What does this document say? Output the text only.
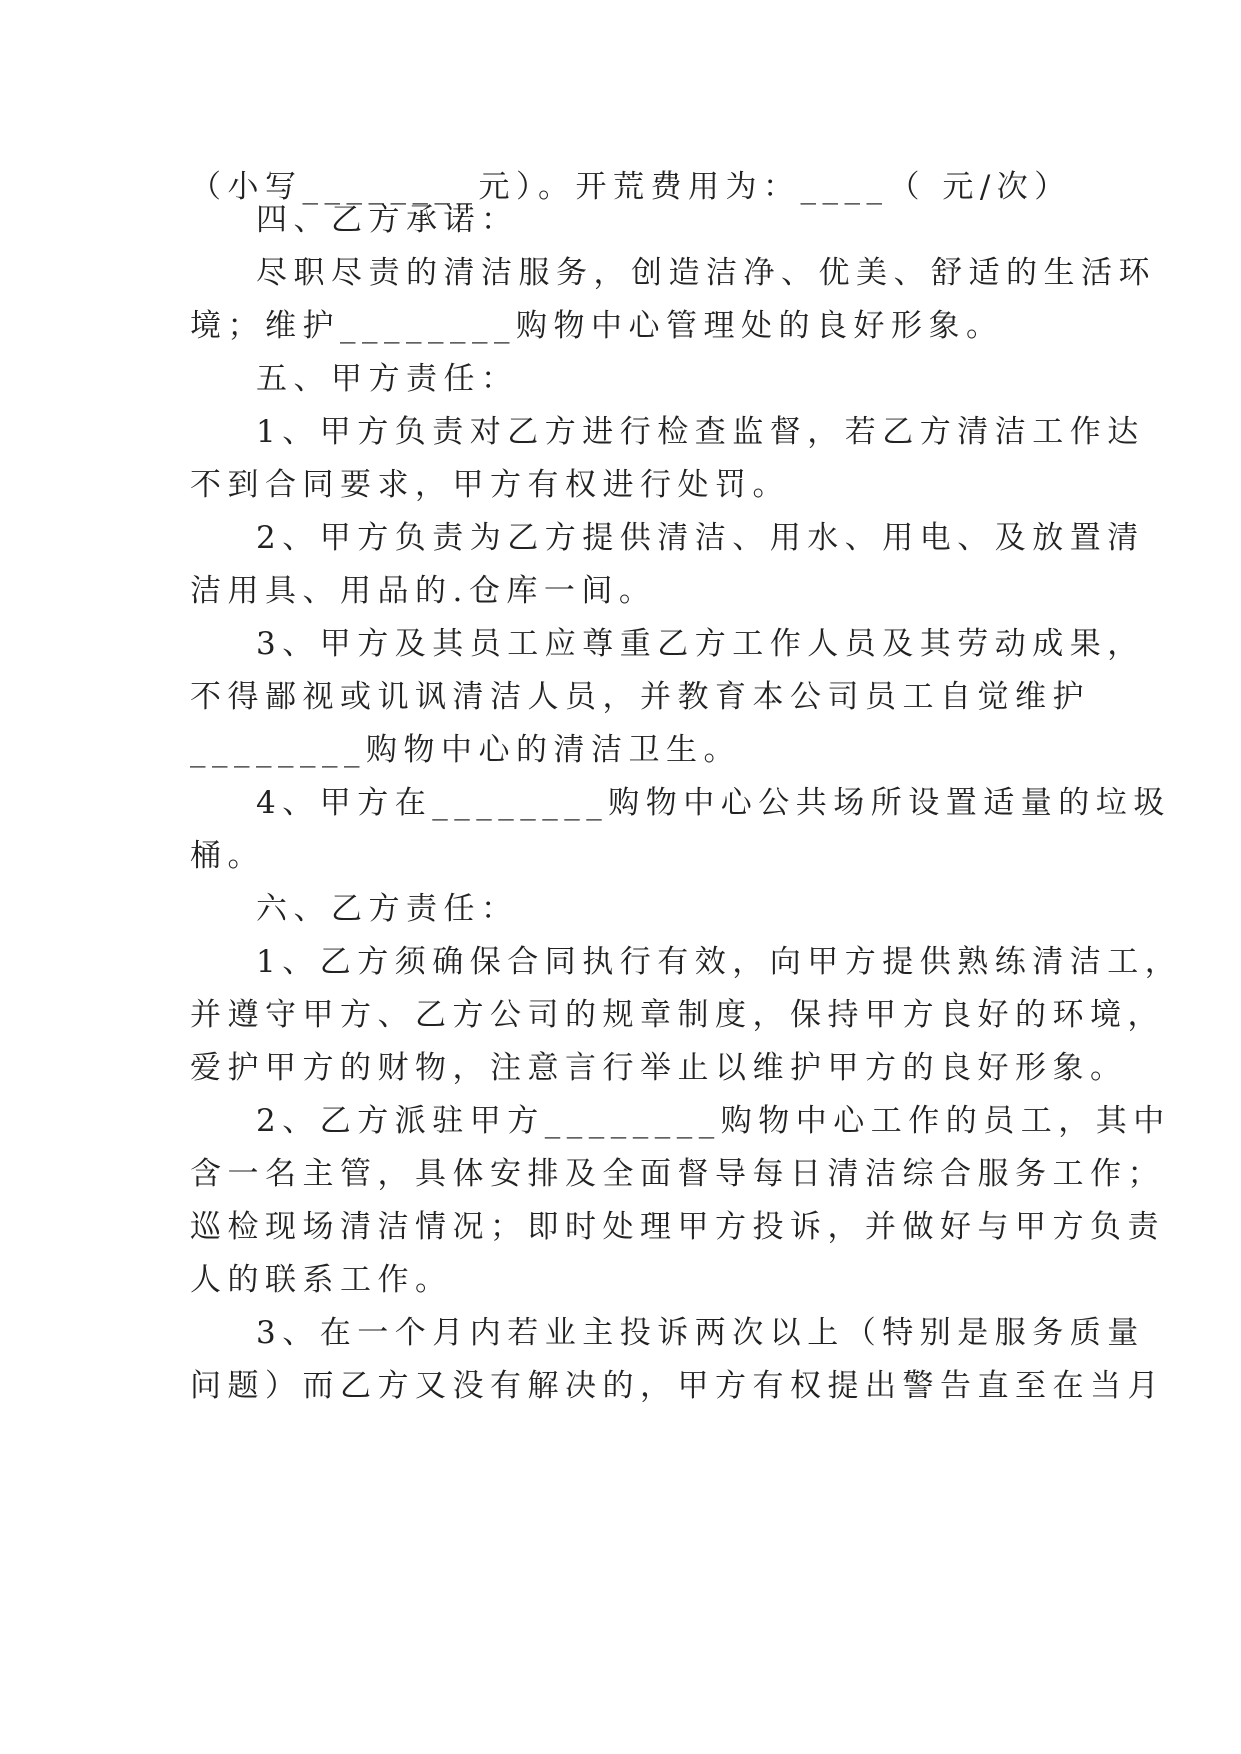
（小写________元）。开荒费用为：____（ 元/次）
四、乙方承诺：
尽职尽责的清洁服务，创造洁净、优美、舒适的生活环
境；维护________购物中心管理处的良好形象。
五、甲方责任：
1、甲方负责对乙方进行检查监督，若乙方清洁工作达
不到合同要求，甲方有权进行处罚。
2、甲方负责为乙方提供清洁、用水、用电、及放置清
洁用具、用品的.仓库一间。
3、甲方及其员工应尊重乙方工作人员及其劳动成果，
不得鄙视或讥讽清洁人员，并教育本公司员工自觉维护
________购物中心的清洁卫生。
4、甲方在________购物中心公共场所设置适量的垃圾
桶。
六、乙方责任：
1、乙方须确保合同执行有效，向甲方提供熟练清洁工，
并遵守甲方、乙方公司的规章制度，保持甲方良好的环境，
爱护甲方的财物，注意言行举止以维护甲方的良好形象。
2、乙方派驻甲方________购物中心工作的员工，其中
含一名主管，具体安排及全面督导每日清洁综合服务工作；
巡检现场清洁情况；即时处理甲方投诉，并做好与甲方负责
人的联系工作。
3、在一个月内若业主投诉两次以上（特别是服务质量
问题）而乙方又没有解决的，甲方有权提出警告直至在当月
